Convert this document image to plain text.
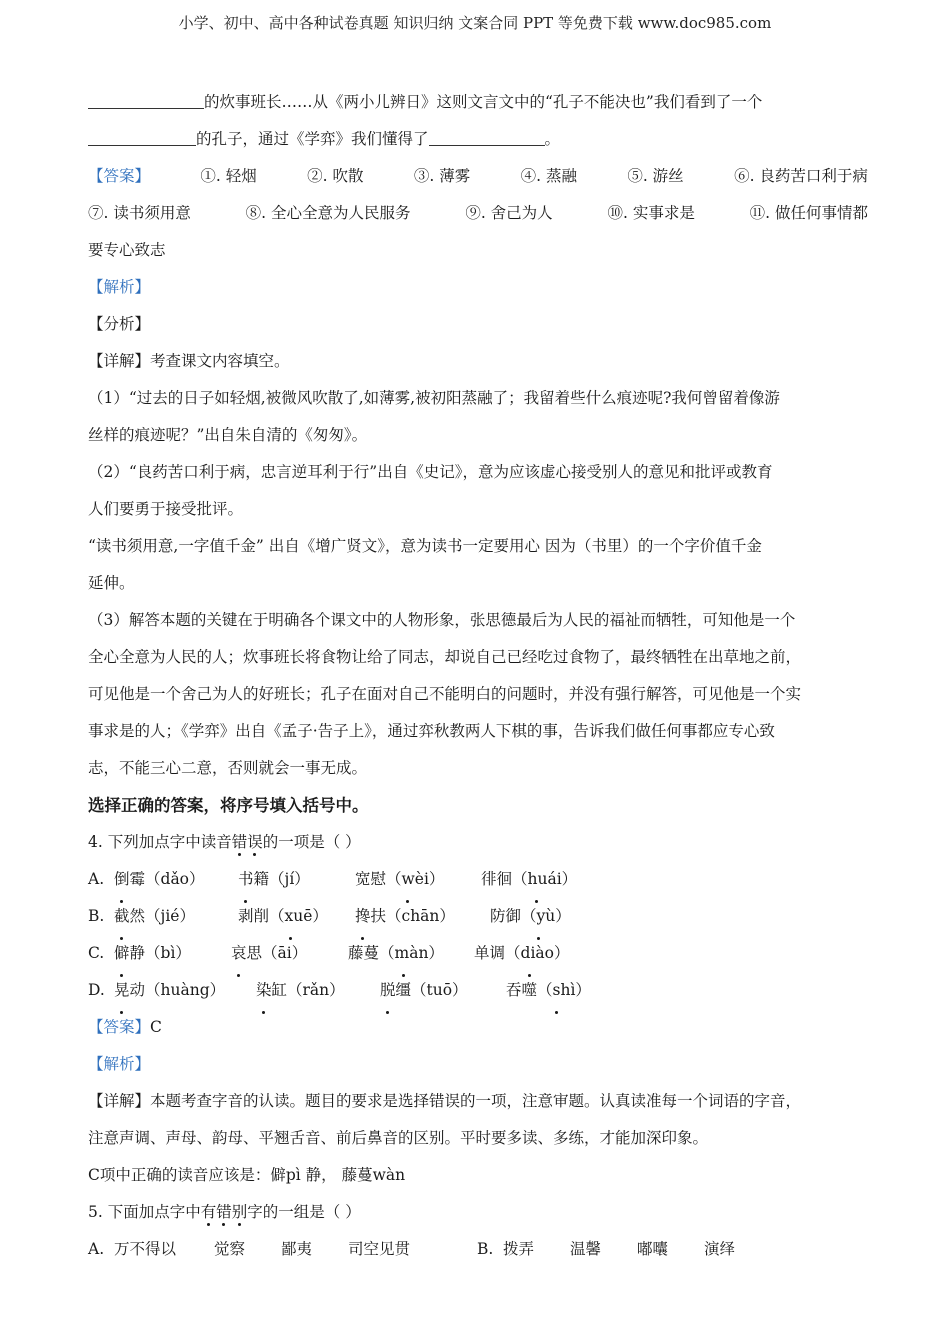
小学、初中、高中各种试卷真题 知识归纳 文案合同 PPT 等免费下载 www.doc985.com
的炊事班长……从《两小儿辨日》这则文言文中的“孔子不能决也”我们看到了一个
的孔子，通过《学弈》我们懂得了	。
【答案】	①. 轻烟	②. 吹散	③. 薄雾	④. 蒸融	⑤. 游丝	⑥. 良药苦口利于病
⑦. 读书须用意	⑧. 全心全意为人民服务	⑨. 舍己为人	⑩. 实事求是	⑪. 做任何事情都
要专心致志
【解析】
【分析】
【详解】考查课文内容填空。
（1）“过去的日子如轻烟,被微风吹散了,如薄雾,被初阳蒸融了；我留着些什么痕迹呢?我何曾留着像游
丝样的痕迹呢？”出自朱自清的《匆匆》。
（2）“良药苦口利于病，忠言逆耳利于行”出自《史记》，意为应该虚心接受别人的意见和批评或教育
人们要勇于接受批评。
“读书须用意,一字值千金” 出自《增广贤文》，意为读书一定要用心 因为（书里）的一个字价值千金
延伸。
（3）解答本题的关键在于明确各个课文中的人物形象，张思德最后为人民的福祉而牺牲，可知他是一个
全心全意为人民的人；炊事班长将食物让给了同志，却说自己已经吃过食物了，最终牺牲在出草地之前，
可见他是一个舍己为人的好班长；孔子在面对自己不能明白的问题时，并没有强行解答，可见他是一个实
事求是的人；《学弈》出自《孟子·告子上》，通过弈秋教两人下棋的事，告诉我们做任何事都应专心致
志，不能三心二意，否则就会一事无成。
选择正确的答案，将序号填入括号中。
4. 下列加点字中读音错误的一项是（ ）
A. 倒霉（dǎo）	书籍（jí）	宽慰（wèi）	徘徊（huái）
B. 截然（jié）	剥削（xuē）	搀扶（chān）	防御（yù）
C. 僻静（bì）	哀思（āi）	藤蔓（màn）	单调（diào）
D. 晃动（huàng）	染缸（rǎn）	脱缰（tuō）	吞噬（shì）
【答案】C
【解析】
【详解】本题考查字音的认读。题目的要求是选择错误的一项，注意审题。认真读准每一个词语的字音，
注意声调、声母、韵母、平翘舌音、前后鼻音的区别。平时要多读、多练，才能加深印象。
C项中正确的读音应该是：僻pì 静， 藤蔓wàn
5. 下面加点字中有错别字的一组是（ ）
A. 万不得以	觉察	鄙夷	司空见贯	B. 拨弄	温馨	嘟囔	演绎
